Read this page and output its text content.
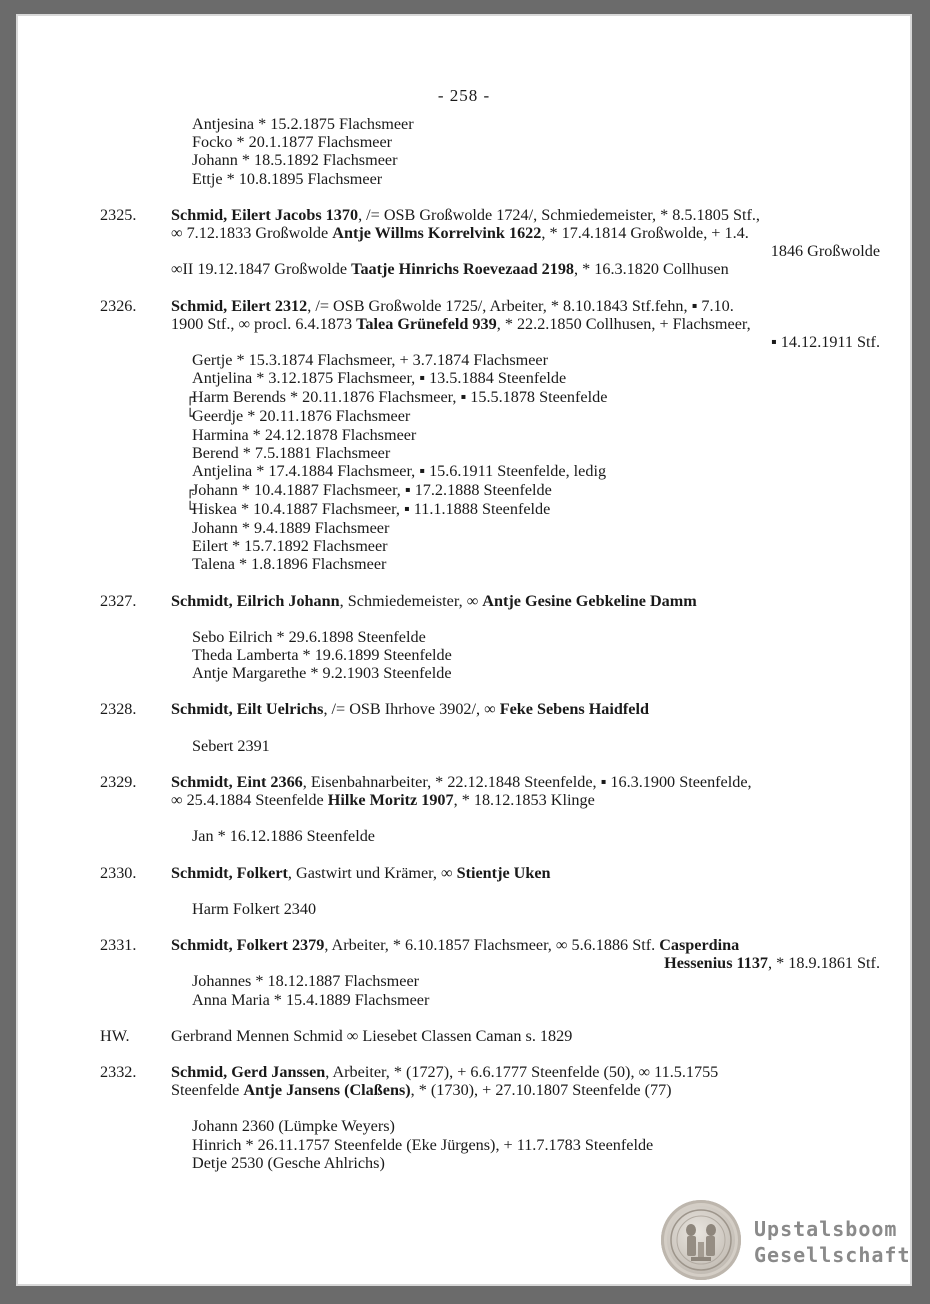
- 258 -
Antjesina * 15.2.1875 Flachsmeer
Focko * 20.1.1877 Flachsmeer
Johann * 18.5.1892 Flachsmeer
Ettje * 10.8.1895 Flachsmeer
2325.	Schmid, Eilert Jacobs 1370, /= OSB Großwolde 1724/, Schmiedemeister, * 8.5.1805 Stf.,
∞ 7.12.1833 Großwolde Antje Willms Korrelvink 1622, * 17.4.1814 Großwolde, + 1.4.
1846 Großwolde
∞II 19.12.1847 Großwolde Taatje Hinrichs Roevezaad 2198, * 16.3.1820 Collhusen
2326.	Schmid, Eilert 2312, /= OSB Großwolde 1725/, Arbeiter, * 8.10.1843 Stf.fehn, ▪ 7.10.
1900 Stf., ∞ procl. 6.4.1873 Talea Grünefeld 939, * 22.2.1850 Collhusen, + Flachsmeer,
▪ 14.12.1911 Stf.
Gertje * 15.3.1874 Flachsmeer, + 3.7.1874 Flachsmeer
Antjelina * 3.12.1875 Flachsmeer, ▪ 13.5.1884 Steenfelde
┌Harm Berends * 20.11.1876 Flachsmeer, ▪ 15.5.1878 Steenfelde
└Geerdje * 20.11.1876 Flachsmeer
Harmina * 24.12.1878 Flachsmeer
Berend * 7.5.1881 Flachsmeer
Antjelina * 17.4.1884 Flachsmeer, ▪ 15.6.1911 Steenfelde, ledig
┌Johann * 10.4.1887 Flachsmeer, ▪ 17.2.1888 Steenfelde
└Hiskea * 10.4.1887 Flachsmeer, ▪ 11.1.1888 Steenfelde
Johann * 9.4.1889 Flachsmeer
Eilert * 15.7.1892 Flachsmeer
Talena * 1.8.1896 Flachsmeer
2327.	Schmidt, Eilrich Johann, Schmiedemeister, ∞ Antje Gesine Gebkeline Damm
Sebo Eilrich * 29.6.1898 Steenfelde
Theda Lamberta * 19.6.1899 Steenfelde
Antje Margarethe * 9.2.1903 Steenfelde
2328.	Schmidt, Eilt Uelrichs, /= OSB Ihrhove 3902/, ∞ Feke Sebens Haidfeld
Sebert 2391
2329.	Schmidt, Eint 2366, Eisenbahnarbeiter, * 22.12.1848 Steenfelde, ▪ 16.3.1900 Steenfelde,
∞ 25.4.1884 Steenfelde Hilke Moritz 1907, * 18.12.1853 Klinge
Jan * 16.12.1886 Steenfelde
2330.	Schmidt, Folkert, Gastwirt und Krämer, ∞ Stientje Uken
Harm Folkert 2340
2331.	Schmidt, Folkert 2379, Arbeiter, * 6.10.1857 Flachsmeer, ∞ 5.6.1886 Stf. Casperdina
Hessenius 1137, * 18.9.1861 Stf.
Johannes * 18.12.1887 Flachsmeer
Anna Maria * 15.4.1889 Flachsmeer
HW.	Gerbrand Mennen Schmid ∞ Liesebet Classen Caman s. 1829
2332.	Schmid, Gerd Janssen, Arbeiter, * (1727), + 6.6.1777 Steenfelde (50), ∞ 11.5.1755
Steenfelde Antje Jansens (Claßens), * (1730), + 27.10.1807 Steenfelde (77)
Johann 2360 (Lümpke Weyers)
Hinrich * 26.11.1757 Steenfelde (Eke Jürgens), + 11.7.1783 Steenfelde
Detje 2530 (Gesche Ahlrichs)
Upstalsboom
Gesellschaft
